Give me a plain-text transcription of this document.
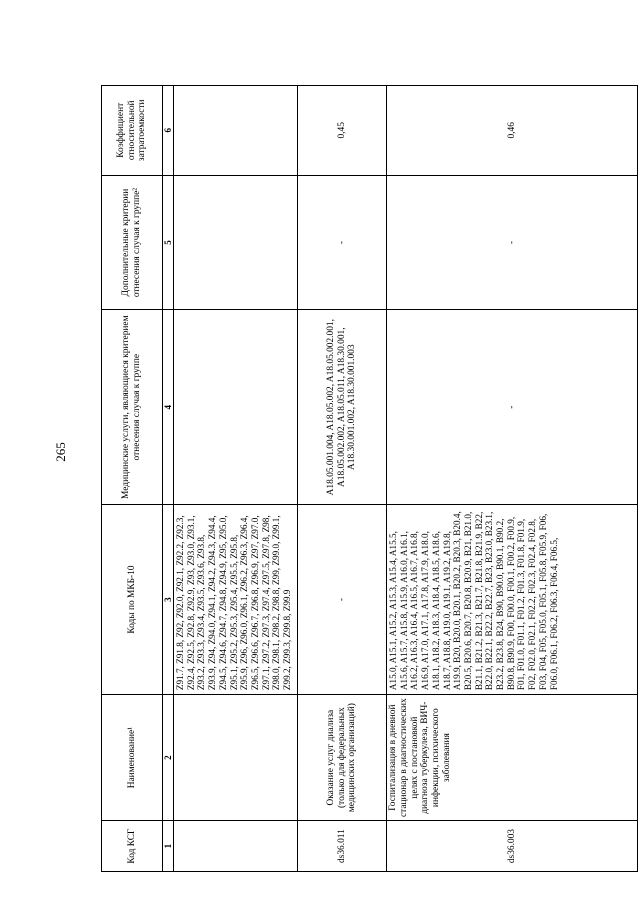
265
Код КСГ	Наименование¹	Коды по МКБ-10	Медицинские услуги, являющиеся критерием отнесения случая к группе	Дополнительные критерии отнесения случая к группе²	Коэффициент относительной затратоемкости
1	2	3	4	5	6
		Z91.7, Z91.8, Z92, Z92.0, Z92.1, Z92.2, Z92.3, Z92.4, Z92.5, Z92.8, Z92.9, Z93, Z93.0, Z93.1, Z93.2, Z93.3, Z93.4, Z93.5, Z93.6, Z93.8, Z93.9, Z94, Z94.0, Z94.1, Z94.2, Z94.3, Z94.4, Z94.5, Z94.6, Z94.7, Z94.8, Z94.9, Z95, Z95.0, Z95.1, Z95.2, Z95.3, Z95.4, Z95.5, Z95.8, Z95.9, Z96, Z96.0, Z96.1, Z96.2, Z96.3, Z96.4, Z96.5, Z96.6, Z96.7, Z96.8, Z96.9, Z97, Z97.0, Z97.1, Z97.2, Z97.3, Z97.4, Z97.5, Z97.8, Z98, Z98.0, Z98.1, Z98.2, Z98.8, Z99, Z99.0, Z99.1, Z99.2, Z99.3, Z99.8, Z99.9			
ds36.011	Оказание услуг диализа (только для федеральных медицинских организаций)	-	A18.05.001.004, A18.05.002, A18.05.002.001, A18.05.002.002, A18.05.011, A18.30.001, A18.30.001.002, A18.30.001.003	-	0,45
ds36.003	Госпитализация в дневной стационар в диагностических целях с постановкой диагноза туберкулеза, ВИЧ-инфекции, психического заболевания	A15.0, A15.1, A15.2, A15.3, A15.4, A15.5, A15.6, A15.7, A15.8, A15.9, A16.0, A16.1, A16.2, A16.3, A16.4, A16.5, A16.7, A16.8, A16.9, A17.0, A17.1, A17.8, A17.9, A18.0, A18.1, A18.2, A18.3, A18.4, A18.5, A18.6, A18.7, A18.8, A19.0, A19.1, A19.2, A19.8, A19.9, B20, B20.0, B20.1, B20.2, B20.3, B20.4, B20.5, B20.6, B20.7, B20.8, B20.9, B21, B21.0, B21.1, B21.2, B21.3, B21.7, B21.8, B21.9, B22, B22.0, B22.1, B22.2, B22.7, B23, B23.0, B23.1, B23.2, B23.8, B24, B90, B90.0, B90.1, B90.2, B90.8, B90.9, F00, F00.0, F00.1, F00.2, F00.9, F01, F01.0, F01.1, F01.2, F01.3, F01.8, F01.9, F02, F02.0, F02.1, F02.2, F02.3, F02.4, F02.8, F03, F04, F05, F05.0, F05.1, F05.8, F05.9, F06, F06.0, F06.1, F06.2, F06.3, F06.4, F06.5,	-	-	0,46
